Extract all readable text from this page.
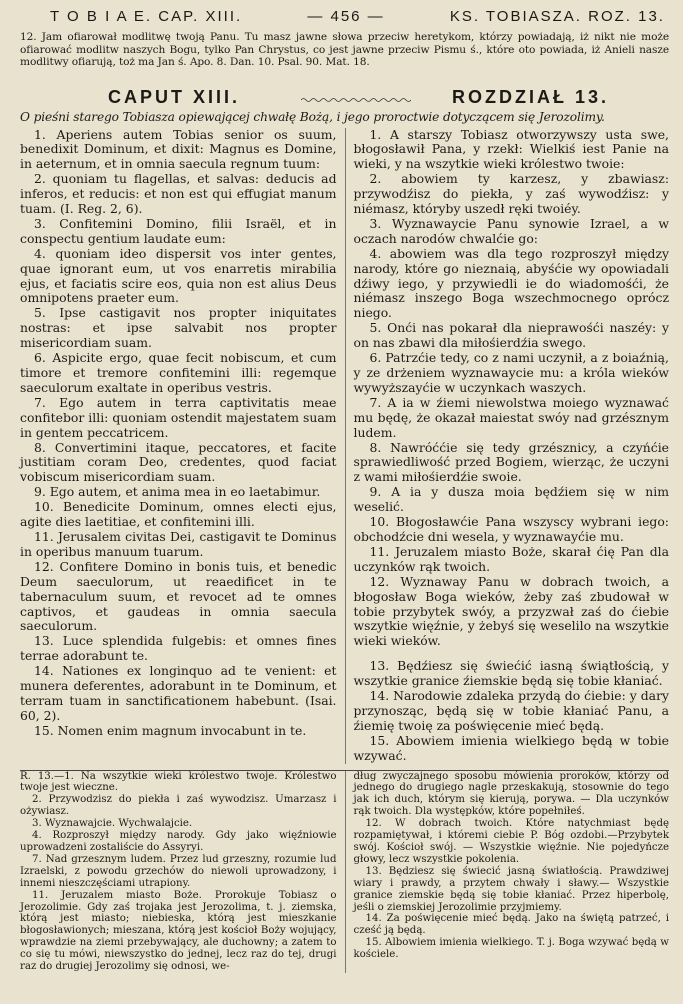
T O B I A E. CAP. XIII.	— 456 —	KS. TOBIASZA. ROZ. 13.
12. Jam ofiarował modlitwę twoją Panu. Tu masz jawne słowa przeciw heretykom, którzy powiadają, iż nikt nie może ofiarować modlitw naszych Bogu, tylko Pan Chrystus, co jest jawne przeciw Pismu ś., które oto powiada, iż Anieli nasze modlitwy ofiarują, toż ma Jan ś. Apo. 8. Dan. 10. Psal. 90. Mat. 18.
CAPUT XIII.	ROZDZIAŁ 13.
O pieśni starego Tobiasza opiewającej chwałę Bożą, i jego proroctwie dotyczącem się Jerozolimy.

1. Aperiens autem Tobias senior os suum, benedixit Dominum, et dixit: Magnus es Domine, in aeternum, et in omnia saecula regnum tuum:

2. quoniam tu flagellas, et salvas: deducis ad inferos, et reducis: et non est qui effugiat manum tuam. (I. Reg. 2, 6).

3. Confitemini Domino, filii Israël, et in conspectu gentium laudate eum:

4. quoniam ideo dispersit vos inter gentes, quae ignorant eum, ut vos enarretis mirabilia ejus, et faciatis scire eos, quia non est alius Deus omnipotens praeter eum.

5. Ipse castigavit nos propter iniquitates nostras: et ipse salvabit nos propter misericordiam suam.

6. Aspicite ergo, quae fecit nobiscum, et cum timore et tremore confitemini illi: regemque saeculorum exaltate in operibus vestris.

7. Ego autem in terra captivitatis meae confitebor illi: quoniam ostendit majestatem suam in gentem peccatricem.

8. Convertimini itaque, peccatores, et facite justitiam coram Deo, credentes, quod faciat vobiscum misericordiam suam.

9. Ego autem, et anima mea in eo laetabimur.

10. Benedicite Dominum, omnes electi ejus, agite dies laetitiae, et confitemini illi.

11. Jerusalem civitas Dei, castigavit te Dominus in operibus manuum tuarum.

12. Confitere Domino in bonis tuis, et benedic Deum saeculorum, ut reaedificet in te tabernaculum suum, et revocet ad te omnes captivos, et gaudeas in omnia saecula saeculorum.

13. Luce splendida fulgebis: et omnes fines terrae adorabunt te.

14. Nationes ex longinquo ad te venient: et munera deferentes, adorabunt in te Dominum, et terram tuam in sanctificationem habebunt. (Isai. 60, 2).

15. Nomen enim magnum invocabunt in te.

1. A starszy Tobiasz otworzywszy usta swe, błogosławił Pana, y rzekł: Wielkiś iest Panie na wieki, y na wszytkie wieki królestwo twoie:

2. abowiem ty karzesz, y zbawiasz: przywodźisz do piekła, y zaś wywodźisz: y niémasz, któryby uszedł ręki twoiéy.

3. Wyznawaycie Panu synowie Izrael, a w oczach narodów chwalćie go:

4. abowiem was dla tego rozproszył między narody, które go nieznaią, abyśćie wy opowiadali dźiwy iego, y przywiedli ie do wiadomośći, że niémasz inszego Boga wszechmocnego oprócz niego.

5. Onći nas pokarał dla nieprawośći naszéy: y on nas zbawi dla miłośierdźia swego.

6. Patrzćie tedy, co z nami uczynił, a z boiaźnią, y ze drżeniem wyznawaycie mu: a króla wieków wywyższayćie w uczynkach waszych.

7. A ia w źiemi niewolstwa moiego wyznawać mu będę, że okazał maiestat swóy nad grzésznym ludem.

8. Nawróććie się tedy grzésznicy, a czyńćie sprawiedliwość przed Bogiem, wierząc, że uczyni z wami miłośierdźie swoie.

9. A ia y dusza moia będźiem się w nim weselić.

10. Błogosławćie Pana wszyscy wybrani iego: obchodźcie dni wesela, y wyznawayćie mu.

11. Jeruzalem miasto Boże, skarał ćię Pan dla uczynków rąk twoich.

12. Wyznaway Panu w dobrach twoich, a błogosław Boga wieków, żeby zaś zbudował w tobie przybytek swóy, a przyzwał zaś do ćiebie wszytkie więźnie, y żebyś się weselilo na wszytkie wieki wieków.

13. Będźiesz się świećić iasną świątłością, y wszytkie granice źiemskie będą się tobie kłaniać.

14. Narodowie zdaleka przydą do ćiebie: y dary przynosząc, będą się w tobie kłaniać Panu, a źiemię twoię za poświęcenie mieć będą.

15. Abowiem imienia wielkiego będą w tobie wzywać.

R. 13.—1. Na wszytkie wieki królestwo twoje. Królestwo twoje jest wieczne.

2. Przywodzisz do piekła i zaś wywodzisz. Umarzasz i ożywiasz.

3. Wyznawajcie. Wychwalajcie.

4. Rozproszył między narody. Gdy jako więźniowie uprowadzeni zostaliście do Assyryi.

7. Nad grzesznym ludem. Przez lud grzeszny, rozumie lud Izraelski, z powodu grzechów do niewoli uprowadzony, i innemi nieszczęściami utrapiony.

11. Jeruzalem miasto Boże. Prorokuje Tobiasz o Jerozolimie. Gdy zaś trojaka jest Jerozolima, t. j. ziemska, którą jest miasto; niebieska, którą jest mieszkanie błogosławionych; mieszana, którą jest kościoł Boży wojujący, wprawdzie na ziemi przebywający, ale duchowny; a zatem to co się tu mówi, niewszystko do jednej, lecz raz do tej, drugi raz do drugiej Jerozolimy się odnosi, we-

dług zwyczajnego sposobu mówienia proroków, którzy od jednego do drugiego nagle przeskakują, stosownie do tego jak ich duch, którym się kierują, porywa. — Dla uczynków rąk twoich. Dla występków, które popełniłeś.

12. W dobrach twoich. Które natychmiast będę rozpamiętywał, i któremi ciebie P. Bóg ozdobi.—Przybytek swój. Kościoł swój. — Wszystkie więźnie. Nie pojedyńcze głowy, lecz wszystkie pokolenia.

13. Będziesz się świecić jasną światłością. Prawdziwej wiary i prawdy, a przytem chwały i sławy.— Wszystkie granice ziemskie będą się tobie kłaniać. Przez hiperbolę, jeśli o ziemskiej Jerozolimie przyjmiemy.

14. Za poświęcenie mieć będą. Jako na świętą patrzeć, i cześć ją będą.

15. Albowiem imienia wielkiego. T. j. Boga wzywać będą w kościele.
